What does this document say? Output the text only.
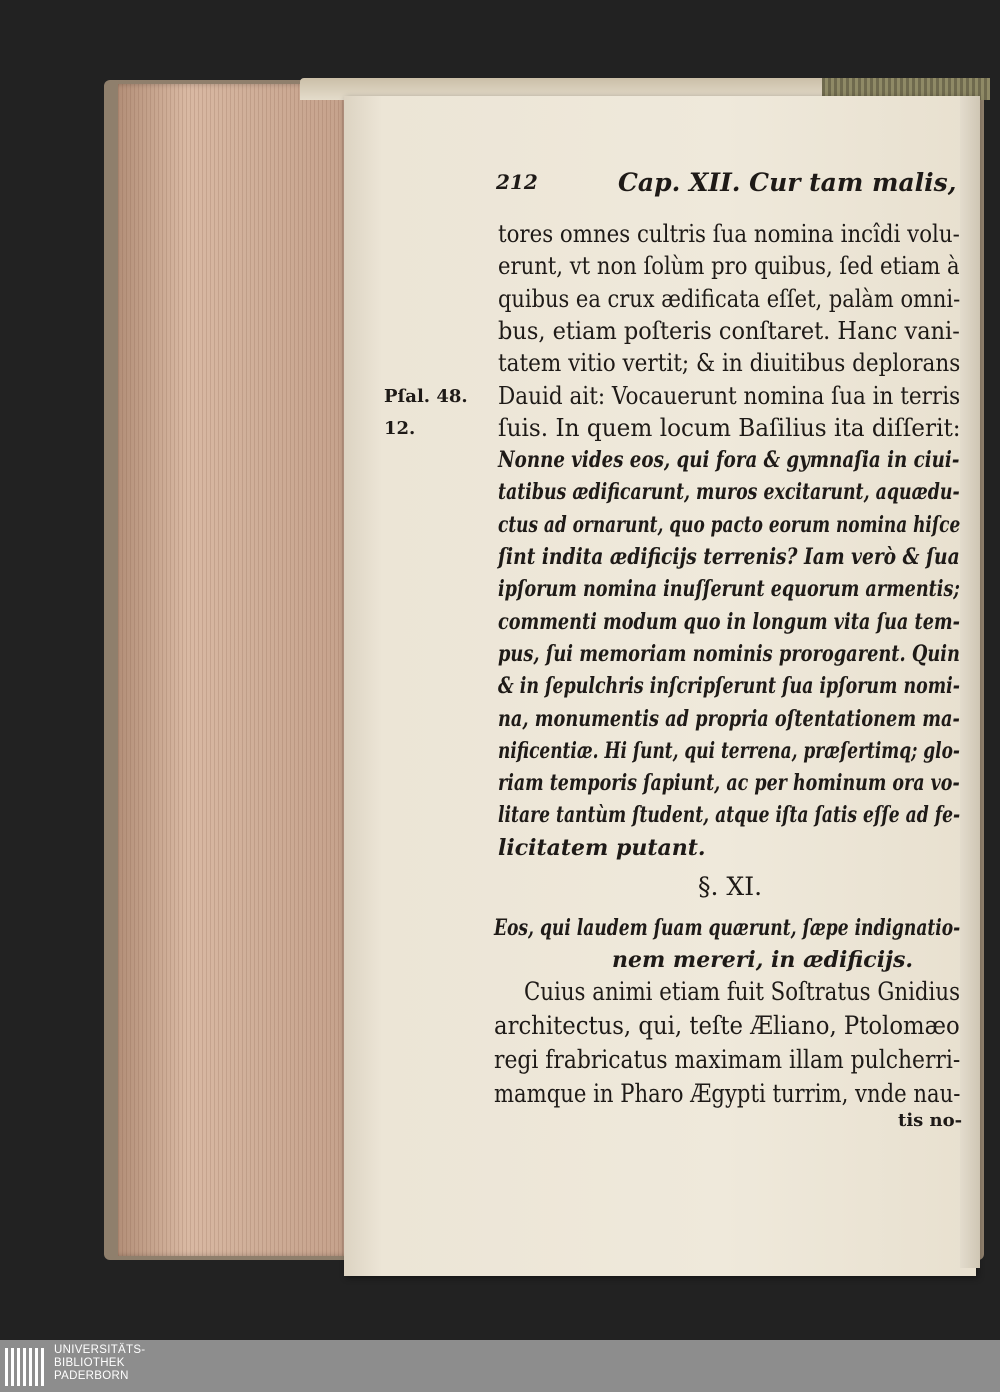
212	Cap. XII. Cur tam malis,
Pſal. 48.
12.
§. XI.
Eos, qui laudem ſuam quærunt, ſæpe indignatio-
nem mereri, in ædificijs.
tis no-
tores omnes cultris ſua nomina incîdi volu-
erunt, vt non ſolùm pro quibus, ſed etiam à
quibus ea crux ædificata eſſet, palàm omni-
bus, etiam poſteris conſtaret. Hanc vani-
tatem vitio vertit; & in diuitibus deplorans
Dauid ait: Vocauerunt nomina ſua in terris
ſuis. In quem locum Baſilius ita diſſerit:
Nonne vides eos, qui fora & gymnaſia in ciui-
tatibus ædificarunt, muros excitarunt, aquædu-
ctus ad ornarunt, quo pacto eorum nomina hiſce
ſint indita ædificijs terrenis? Iam verò & ſua
ipſorum nomina inuſſerunt equorum armentis;
commenti modum quo in longum vita ſua tem-
pus, ſui memoriam nominis prorogarent. Quin
& in ſepulchris inſcripſerunt ſua ipſorum nomi-
na, monumentis ad propria oſtentationem ma-
nificentiæ. Hi ſunt, qui terrena, præſertimq; glo-
riam temporis ſapiunt, ac per hominum ora vo-
litare tantùm ſtudent, atque iſta ſatis eſſe ad fe-
licitatem putant.
Cuius animi etiam fuit Soſtratus Gnidius
architectus, qui, teſte Æliano, Ptolomæo
regi frabricatus maximam illam pulcherri-
mamque in Pharo Ægypti turrim, vnde nau-
UNIVERSITÄTS-
BIBLIOTHEK
PADERBORN
